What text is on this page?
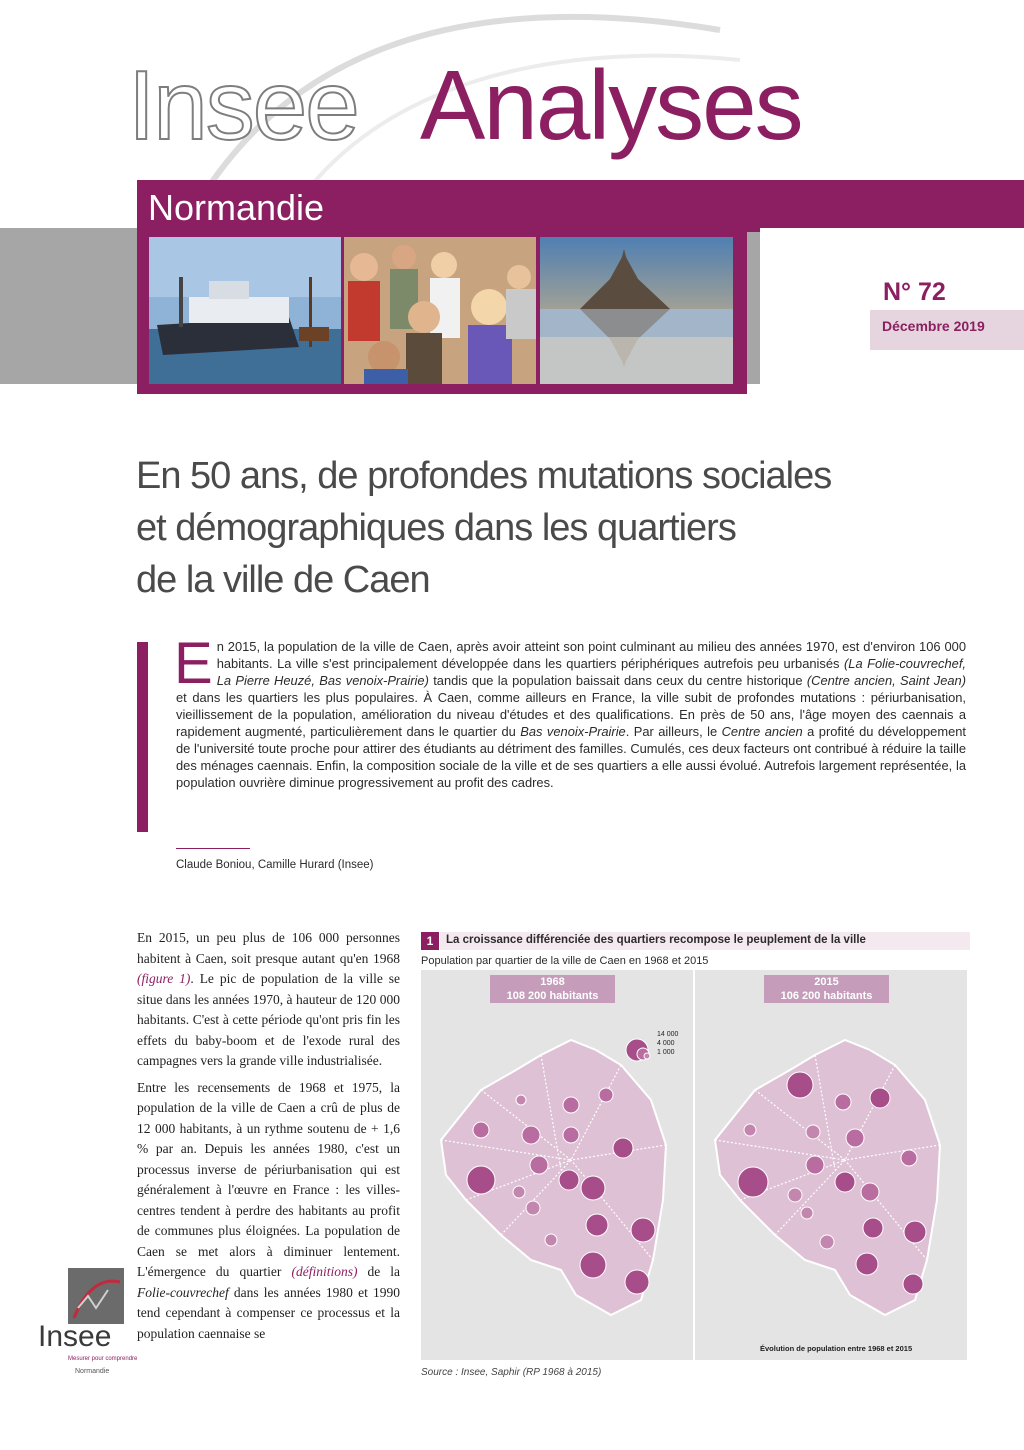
Insee Analyses
Normandie
N° 72
Décembre 2019
En 50 ans, de profondes mutations sociales
et démographiques dans les quartiers
de la ville de Caen

En 2015, la population de la ville de Caen, après avoir atteint son point culminant au milieu des années 1970, est d'environ 106 000 habitants. La ville s'est principalement développée dans les quartiers périphériques autrefois peu urbanisés (La Folie-couvrechef, La Pierre Heuzé, Bas venoix-Prairie) tandis que la population baissait dans ceux du centre historique (Centre ancien, Saint Jean) et dans les quartiers les plus populaires. À Caen, comme ailleurs en France, la ville subit de profondes mutations : périurbanisation, vieillissement de la population, amélioration du niveau d'études et des qualifications. En près de 50 ans, l'âge moyen des caennais a rapidement augmenté, particulièrement dans le quartier du Bas venoix-Prairie. Par ailleurs, le Centre ancien a profité du développement de l'université toute proche pour attirer des étudiants au détriment des familles. Cumulés, ces deux facteurs ont contribué à réduire la taille des ménages caennais. Enfin, la composition sociale de la ville et de ses quartiers a elle aussi évolué. Autrefois largement représentée, la population ouvrière diminue progressivement au profit des cadres.

Claude Boniou, Camille Hurard (Insee)

En 2015, un peu plus de 106 000 personnes habitent à Caen, soit presque autant qu'en 1968 (figure 1). Le pic de population de la ville se situe dans les années 1970, à hauteur de 120 000 habitants. C'est à cette période qu'ont pris fin les effets du baby-boom et de l'exode rural des campagnes vers la grande ville industrialisée.

Entre les recensements de 1968 et 1975, la population de la ville de Caen a crû de plus de 12 000 habitants, à un rythme soutenu de + 1,6 % par an. Depuis les années 1980, c'est un processus inverse de périurbanisation qui est généralement à l'œuvre en France : les villes-centres tendent à perdre des habitants au profit de communes plus éloignées. La population de Caen se met alors à diminuer lentement. L'émergence du quartier (définitions) de la Folie-couvrechef dans les années 1980 et 1990 tend cependant à compenser ce processus et la population caennaise se

1	La croissance différenciée des quartiers recompose le peuplement de la ville
Population par quartier de la ville de Caen en 1968 et 2015
1968
108 200 habitants
14 000
4 000
1 000
2015
106 200 habitants
Évolution de population entre 1968 et 2015
Source : Insee, Saphir (RP 1968 à 2015)
Insee
Mesurer pour comprendre
Normandie
